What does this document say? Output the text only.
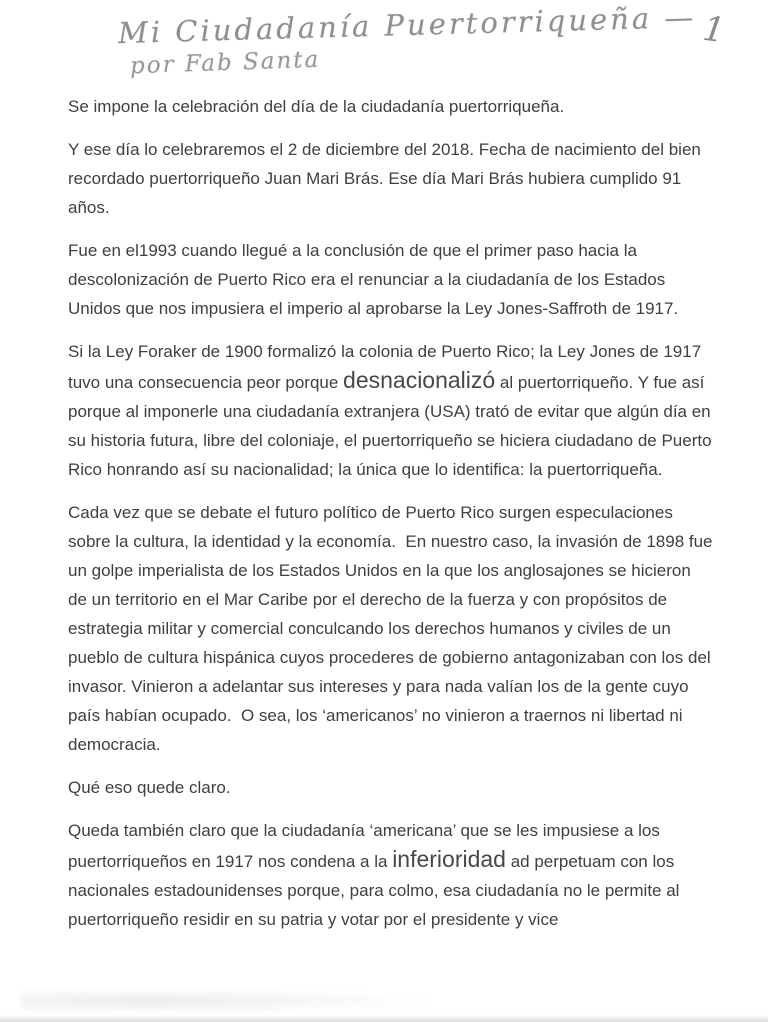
Mi Ciudadanía Puertorriqueña —
por Fab Santa
1

Se impone la celebración del día de la ciudadanía puertorriqueña.

Y ese día lo celebraremos el 2 de diciembre del 2018. Fecha de nacimiento del bien recordado puertorriqueño Juan Mari Brás. Ese día Mari Brás hubiera cumplido 91 años.

Fue en el1993 cuando llegué a la conclusión de que el primer paso hacia la descolonización de Puerto Rico era el renunciar a la ciudadanía de los Estados Unidos que nos impusiera el imperio al aprobarse la Ley Jones-Saffroth de 1917.

Si la Ley Foraker de 1900 formalizó la colonia de Puerto Rico; la Ley Jones de 1917 tuvo una consecuencia peor porque desnacionalizó al puertorriqueño. Y fue así porque al imponerle una ciudadanía extranjera (USA) trató de evitar que algún día en su historia futura, libre del coloniaje, el puertorriqueño se hiciera ciudadano de Puerto Rico honrando así su nacionalidad; la única que lo identifica: la puertorriqueña.

Cada vez que se debate el futuro político de Puerto Rico surgen especulaciones sobre la cultura, la identidad y la economía.  En nuestro caso, la invasión de 1898 fue un golpe imperialista de los Estados Unidos en la que los anglosajones se hicieron de un territorio en el Mar Caribe por el derecho de la fuerza y con propósitos de estrategia militar y comercial conculcando los derechos humanos y civiles de un pueblo de cultura hispánica cuyos procederes de gobierno antagonizaban con los del invasor. Vinieron a adelantar sus intereses y para nada valían los de la gente cuyo país habían ocupado.  O sea, los ‘americanos’ no vinieron a traernos ni libertad ni democracia.

Qué eso quede claro.

Queda también claro que la ciudadanía ‘americana’ que se les impusiese a los puertorriqueños en 1917 nos condena a la inferioridad ad perpetuam con los nacionales estadounidenses porque, para colmo, esa ciudadanía no le permite al puertorriqueño residir en su patria y votar por el presidente y vice
